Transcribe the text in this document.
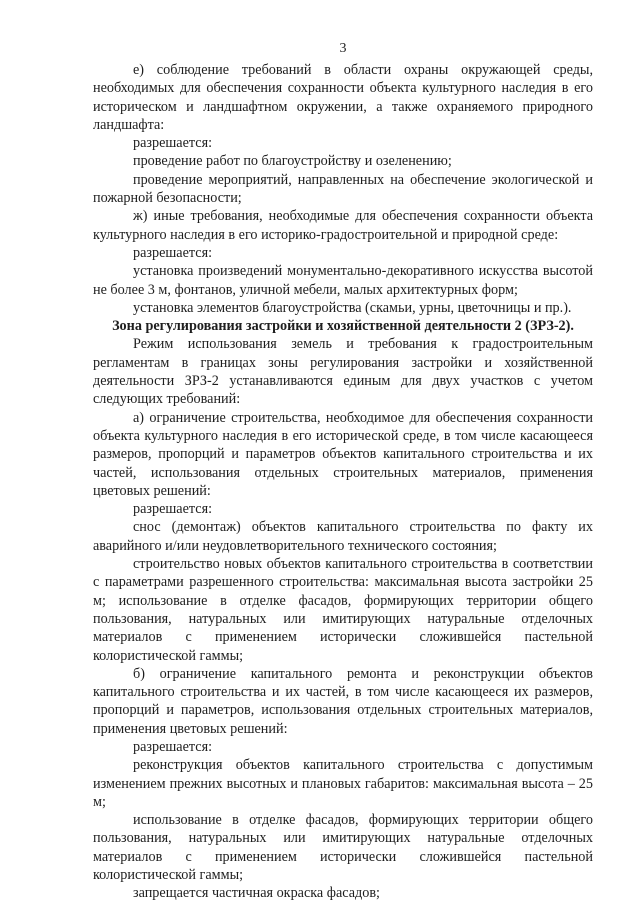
3

е) соблюдение требований в области охраны окружающей среды, необходимых для обеспечения сохранности объекта культурного наследия в его историческом и ландшафтном окружении, а также охраняемого природного ландшафта:

разрешается:

проведение работ по благоустройству и озеленению;

проведение мероприятий, направленных на обеспечение экологической и пожарной безопасности;

ж) иные требования, необходимые для обеспечения сохранности объекта культурного наследия в его историко-градостроительной и природной среде:

разрешается:

установка произведений монументально-декоративного искусства высотой не более 3 м, фонтанов, уличной мебели, малых архитектурных форм;

установка элементов благоустройства (скамьи, урны, цветочницы и пр.).

Зона регулирования застройки и хозяйственной деятельности 2 (ЗРЗ-2).

Режим использования земель и требования к градостроительным регламентам в границах зоны регулирования застройки и хозяйственной деятельности ЗРЗ-2 устанавливаются единым для двух участков с учетом следующих требований:

а) ограничение строительства, необходимое для обеспечения сохранности объекта культурного наследия в его исторической среде, в том числе касающееся размеров, пропорций и параметров объектов капитального строительства и их частей, использования отдельных строительных материалов, применения цветовых решений:

разрешается:

снос (демонтаж) объектов капитального строительства по факту их аварийного и/или неудовлетворительного технического состояния;

строительство новых объектов капитального строительства в соответствии с параметрами разрешенного строительства: максимальная высота застройки 25 м; использование в отделке фасадов, формирующих территории общего пользования, натуральных или имитирующих натуральные отделочных материалов с применением исторически сложившейся пастельной колористической гаммы;

б) ограничение капитального ремонта и реконструкции объектов капитального строительства и их частей, в том числе касающееся их размеров, пропорций и параметров, использования отдельных строительных материалов, применения цветовых решений:

разрешается:

реконструкция объектов капитального строительства с допустимым изменением прежних высотных и плановых габаритов: максимальная высота – 25 м;

использование в отделке фасадов, формирующих территории общего пользования, натуральных или имитирующих натуральные отделочных материалов с применением исторически сложившейся пастельной колористической гаммы;

запрещается частичная окраска фасадов;
